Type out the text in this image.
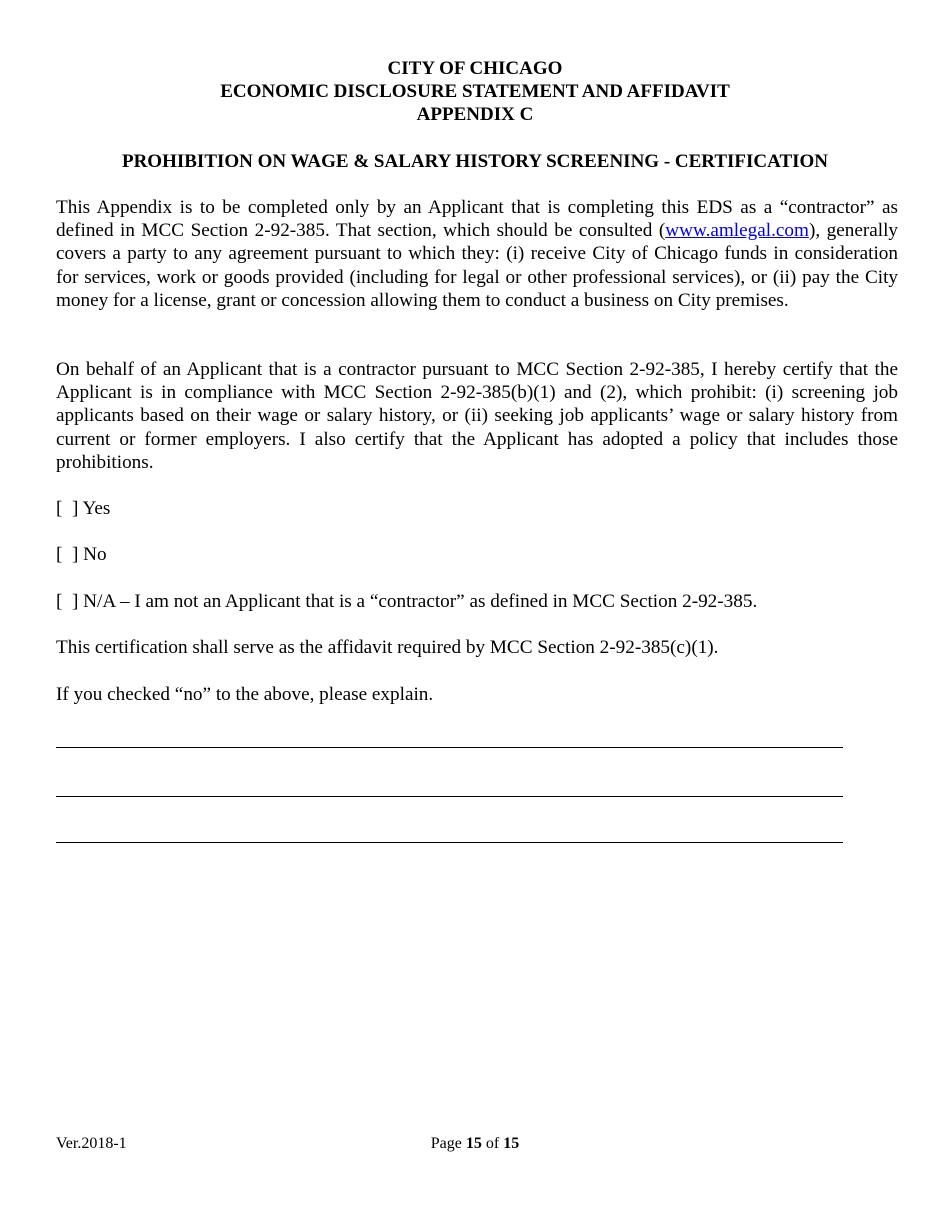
CITY OF CHICAGO
ECONOMIC DISCLOSURE STATEMENT AND AFFIDAVIT
APPENDIX C
PROHIBITION ON WAGE & SALARY HISTORY SCREENING - CERTIFICATION
This Appendix is to be completed only by an Applicant that is completing this EDS as a “contractor” as defined in MCC Section 2-92-385. That section, which should be consulted (www.amlegal.com), generally covers a party to any agreement pursuant to which they: (i) receive City of Chicago funds in consideration for services, work or goods provided (including for legal or other professional services), or (ii) pay the City money for a license, grant or concession allowing them to conduct a business on City premises.
On behalf of an Applicant that is a contractor pursuant to MCC Section 2-92-385, I hereby certify that the Applicant is in compliance with MCC Section 2-92-385(b)(1) and (2), which prohibit: (i) screening job applicants based on their wage or salary history, or (ii) seeking job applicants’ wage or salary history from current or former employers. I also certify that the Applicant has adopted a policy that includes those prohibitions.
[  ] Yes
[  ] No
[  ] N/A – I am not an Applicant that is a “contractor” as defined in MCC Section 2-92-385.
This certification shall serve as the affidavit required by MCC Section 2-92-385(c)(1).
If you checked “no” to the above, please explain.
Ver.2018-1	Page 15 of 15
